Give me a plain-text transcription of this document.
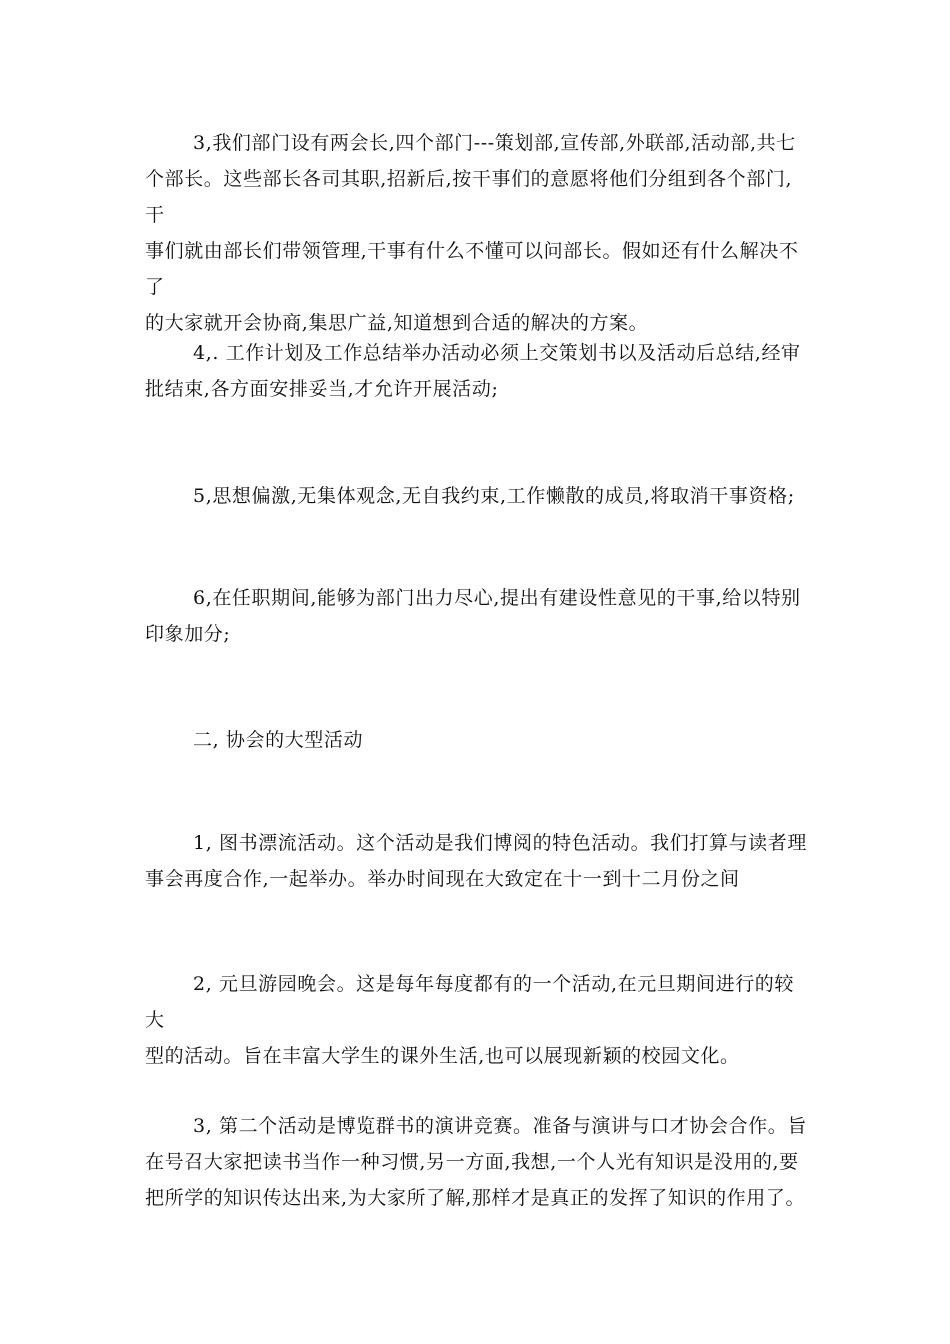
3,我们部门设有两会长,四个部门---策划部,宣传部,外联部,活动部,共七
个部长。这些部长各司其职,招新后,按干事们的意愿将他们分组到各个部门,干
事们就由部长们带领管理,干事有什么不懂可以问部长。假如还有什么解决不了
的大家就开会协商,集思广益,知道想到合适的解决的方案。

4,. 工作计划及工作总结举办活动必须上交策划书以及活动后总结,经审
批结束,各方面安排妥当,才允许开展活动;

5,思想偏激,无集体观念,无自我约束,工作懒散的成员,将取消干事资格;

6,在任职期间,能够为部门出力尽心,提出有建设性意见的干事,给以特别
印象加分;

二, 协会的大型活动

1, 图书漂流活动。这个活动是我们博阅的特色活动。我们打算与读者理
事会再度合作,一起举办。举办时间现在大致定在十一到十二月份之间

2, 元旦游园晚会。这是每年每度都有的一个活动,在元旦期间进行的较大
型的活动。旨在丰富大学生的课外生活,也可以展现新颖的校园文化。

3, 第二个活动是博览群书的演讲竞赛。准备与演讲与口才协会合作。旨
在号召大家把读书当作一种习惯,另一方面,我想,一个人光有知识是没用的,要
把所学的知识传达出来,为大家所了解,那样才是真正的发挥了知识的作用了。
